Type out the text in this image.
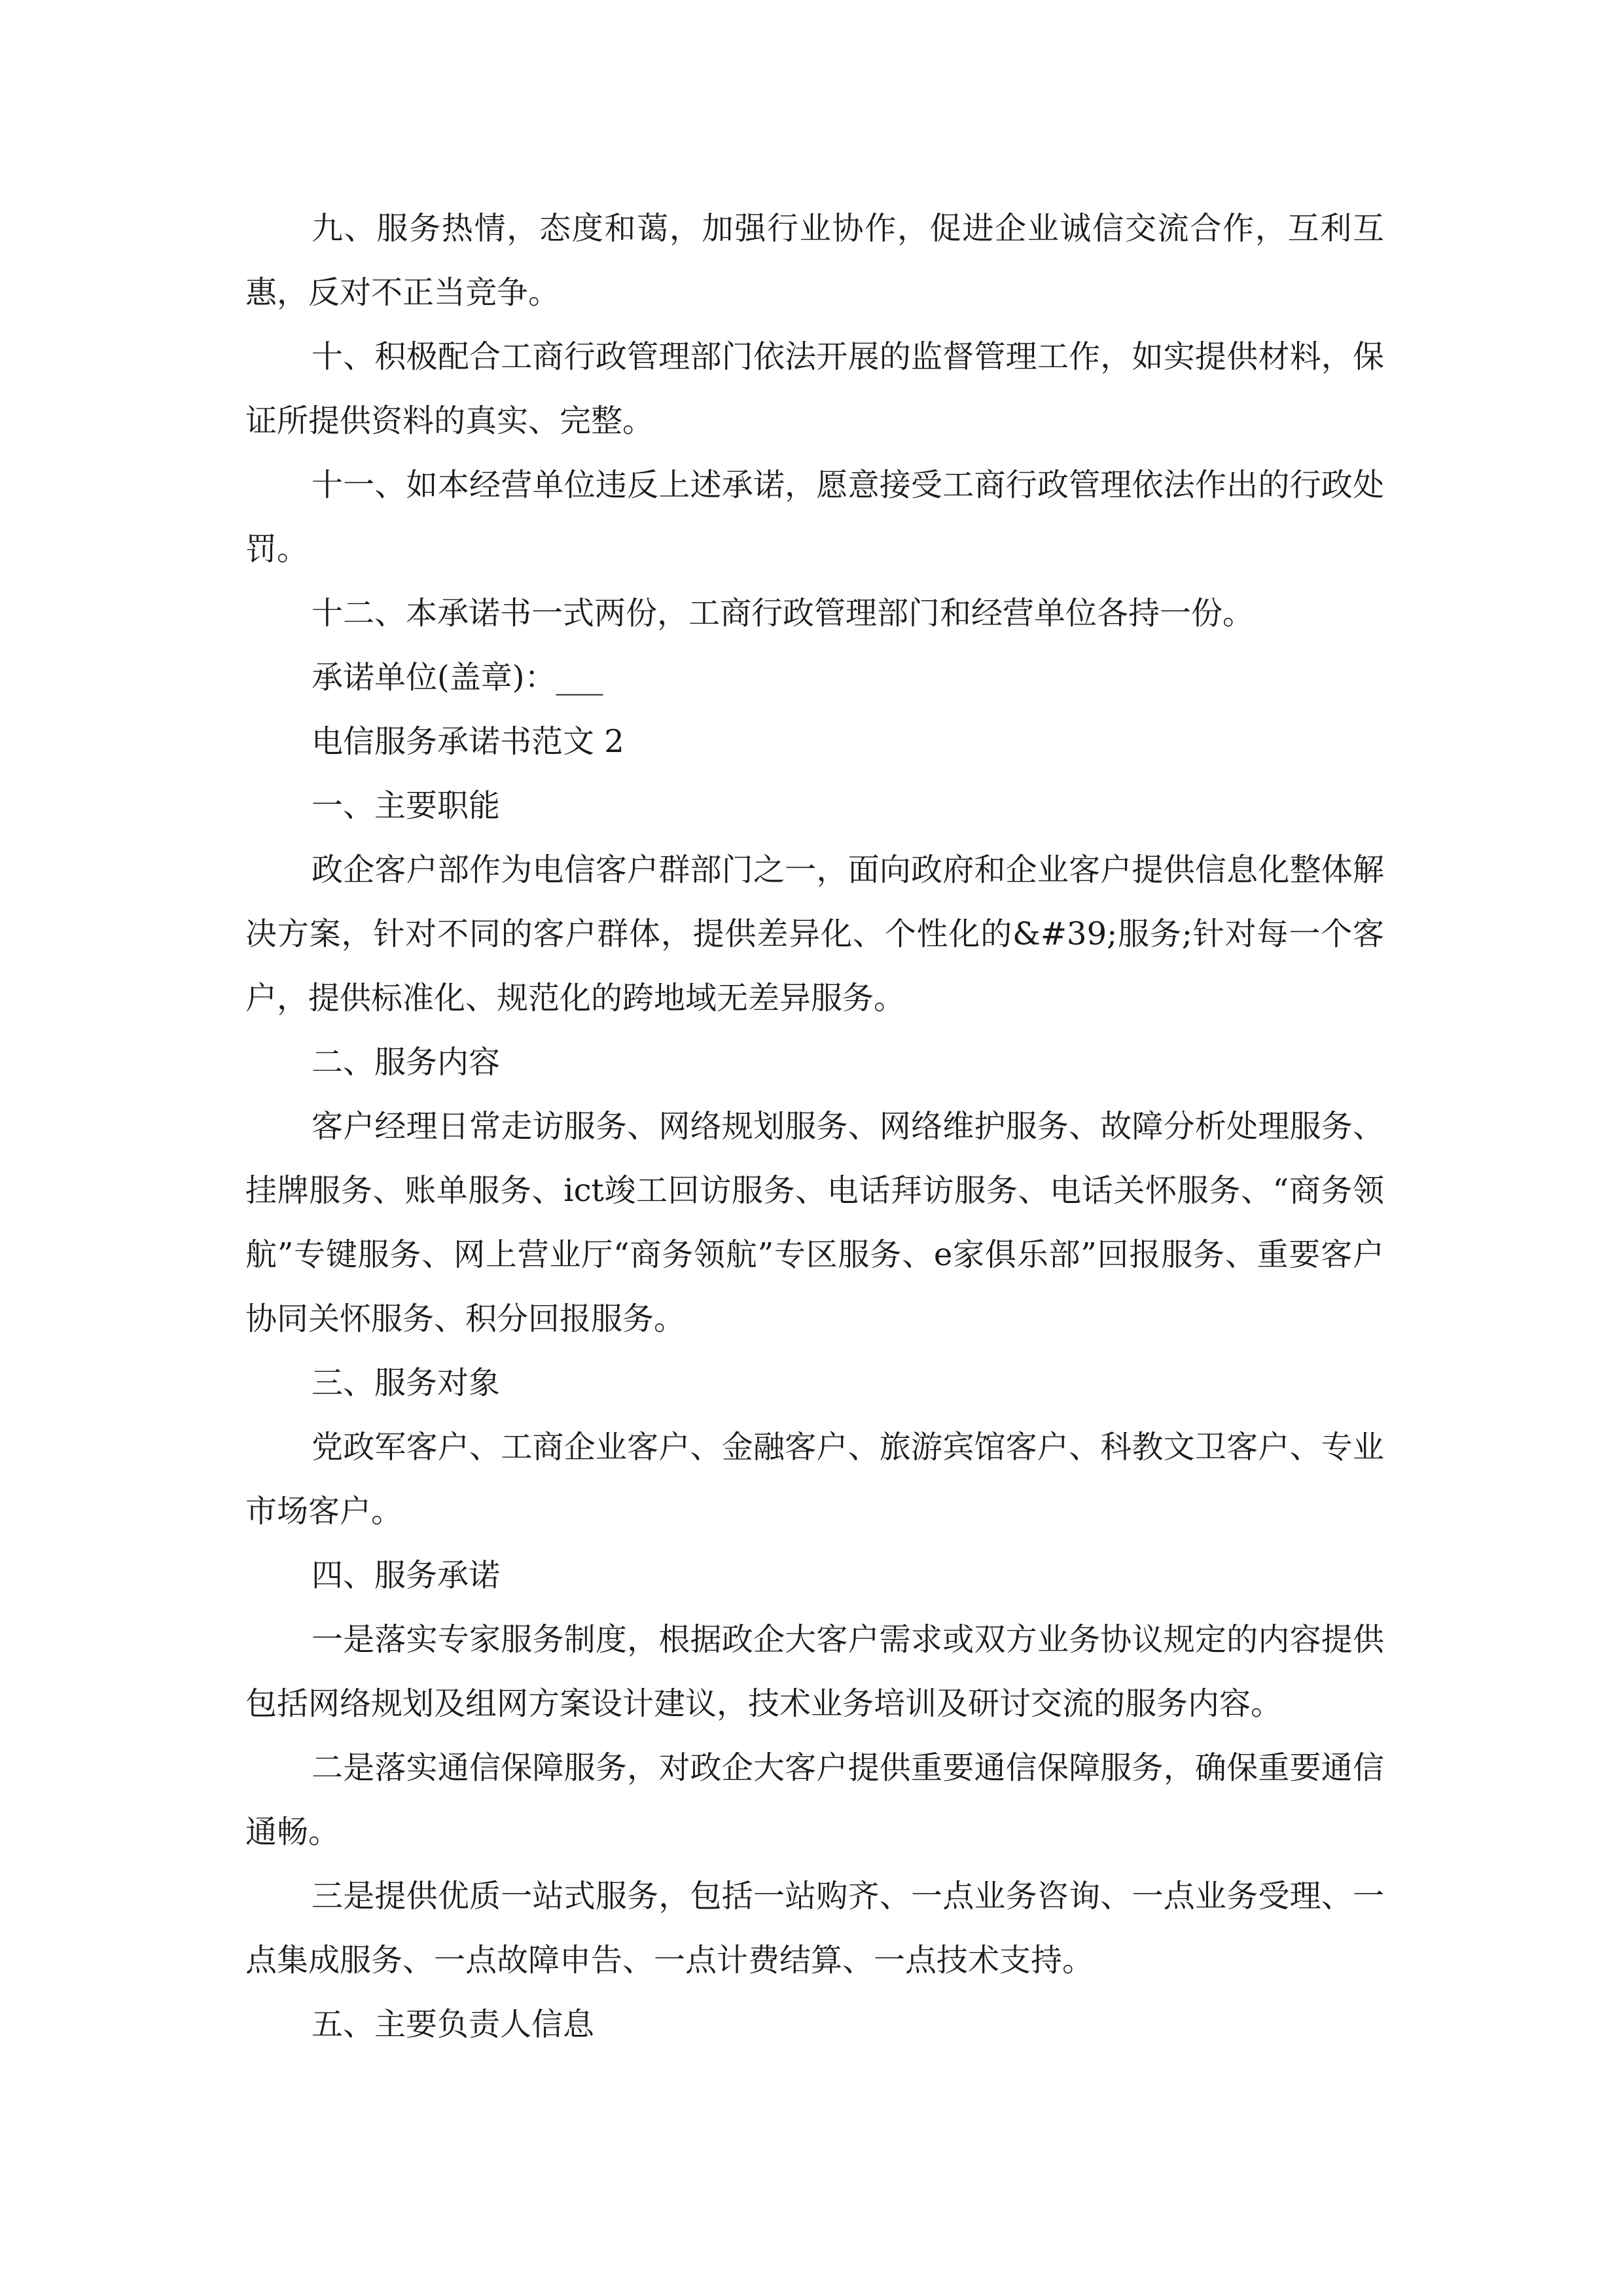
九、服务热情，态度和蔼，加强行业协作，促进企业诚信交流合作，互利互惠，反对不正当竞争。

十、积极配合工商行政管理部门依法开展的监督管理工作，如实提供材料，保证所提供资料的真实、完整。

十一、如本经营单位违反上述承诺，愿意接受工商行政管理依法作出的行政处罚。

十二、本承诺书一式两份，工商行政管理部门和经营单位各持一份。

承诺单位(盖章)：___

电信服务承诺书范文 2

一、主要职能

政企客户部作为电信客户群部门之一，面向政府和企业客户提供信息化整体解决方案，针对不同的客户群体，提供差异化、个性化的&#39;服务;针对每一个客户，提供标准化、规范化的跨地域无差异服务。

二、服务内容

客户经理日常走访服务、网络规划服务、网络维护服务、故障分析处理服务、挂牌服务、账单服务、ict竣工回访服务、电话拜访服务、电话关怀服务、“商务领航”专键服务、网上营业厅“商务领航”专区服务、e家俱乐部”回报服务、重要客户协同关怀服务、积分回报服务。

三、服务对象

党政军客户、工商企业客户、金融客户、旅游宾馆客户、科教文卫客户、专业市场客户。

四、服务承诺

一是落实专家服务制度，根据政企大客户需求或双方业务协议规定的内容提供包括网络规划及组网方案设计建议，技术业务培训及研讨交流的服务内容。

二是落实通信保障服务，对政企大客户提供重要通信保障服务，确保重要通信通畅。

三是提供优质一站式服务，包括一站购齐、一点业务咨询、一点业务受理、一点集成服务、一点故障申告、一点计费结算、一点技术支持。

五、主要负责人信息
